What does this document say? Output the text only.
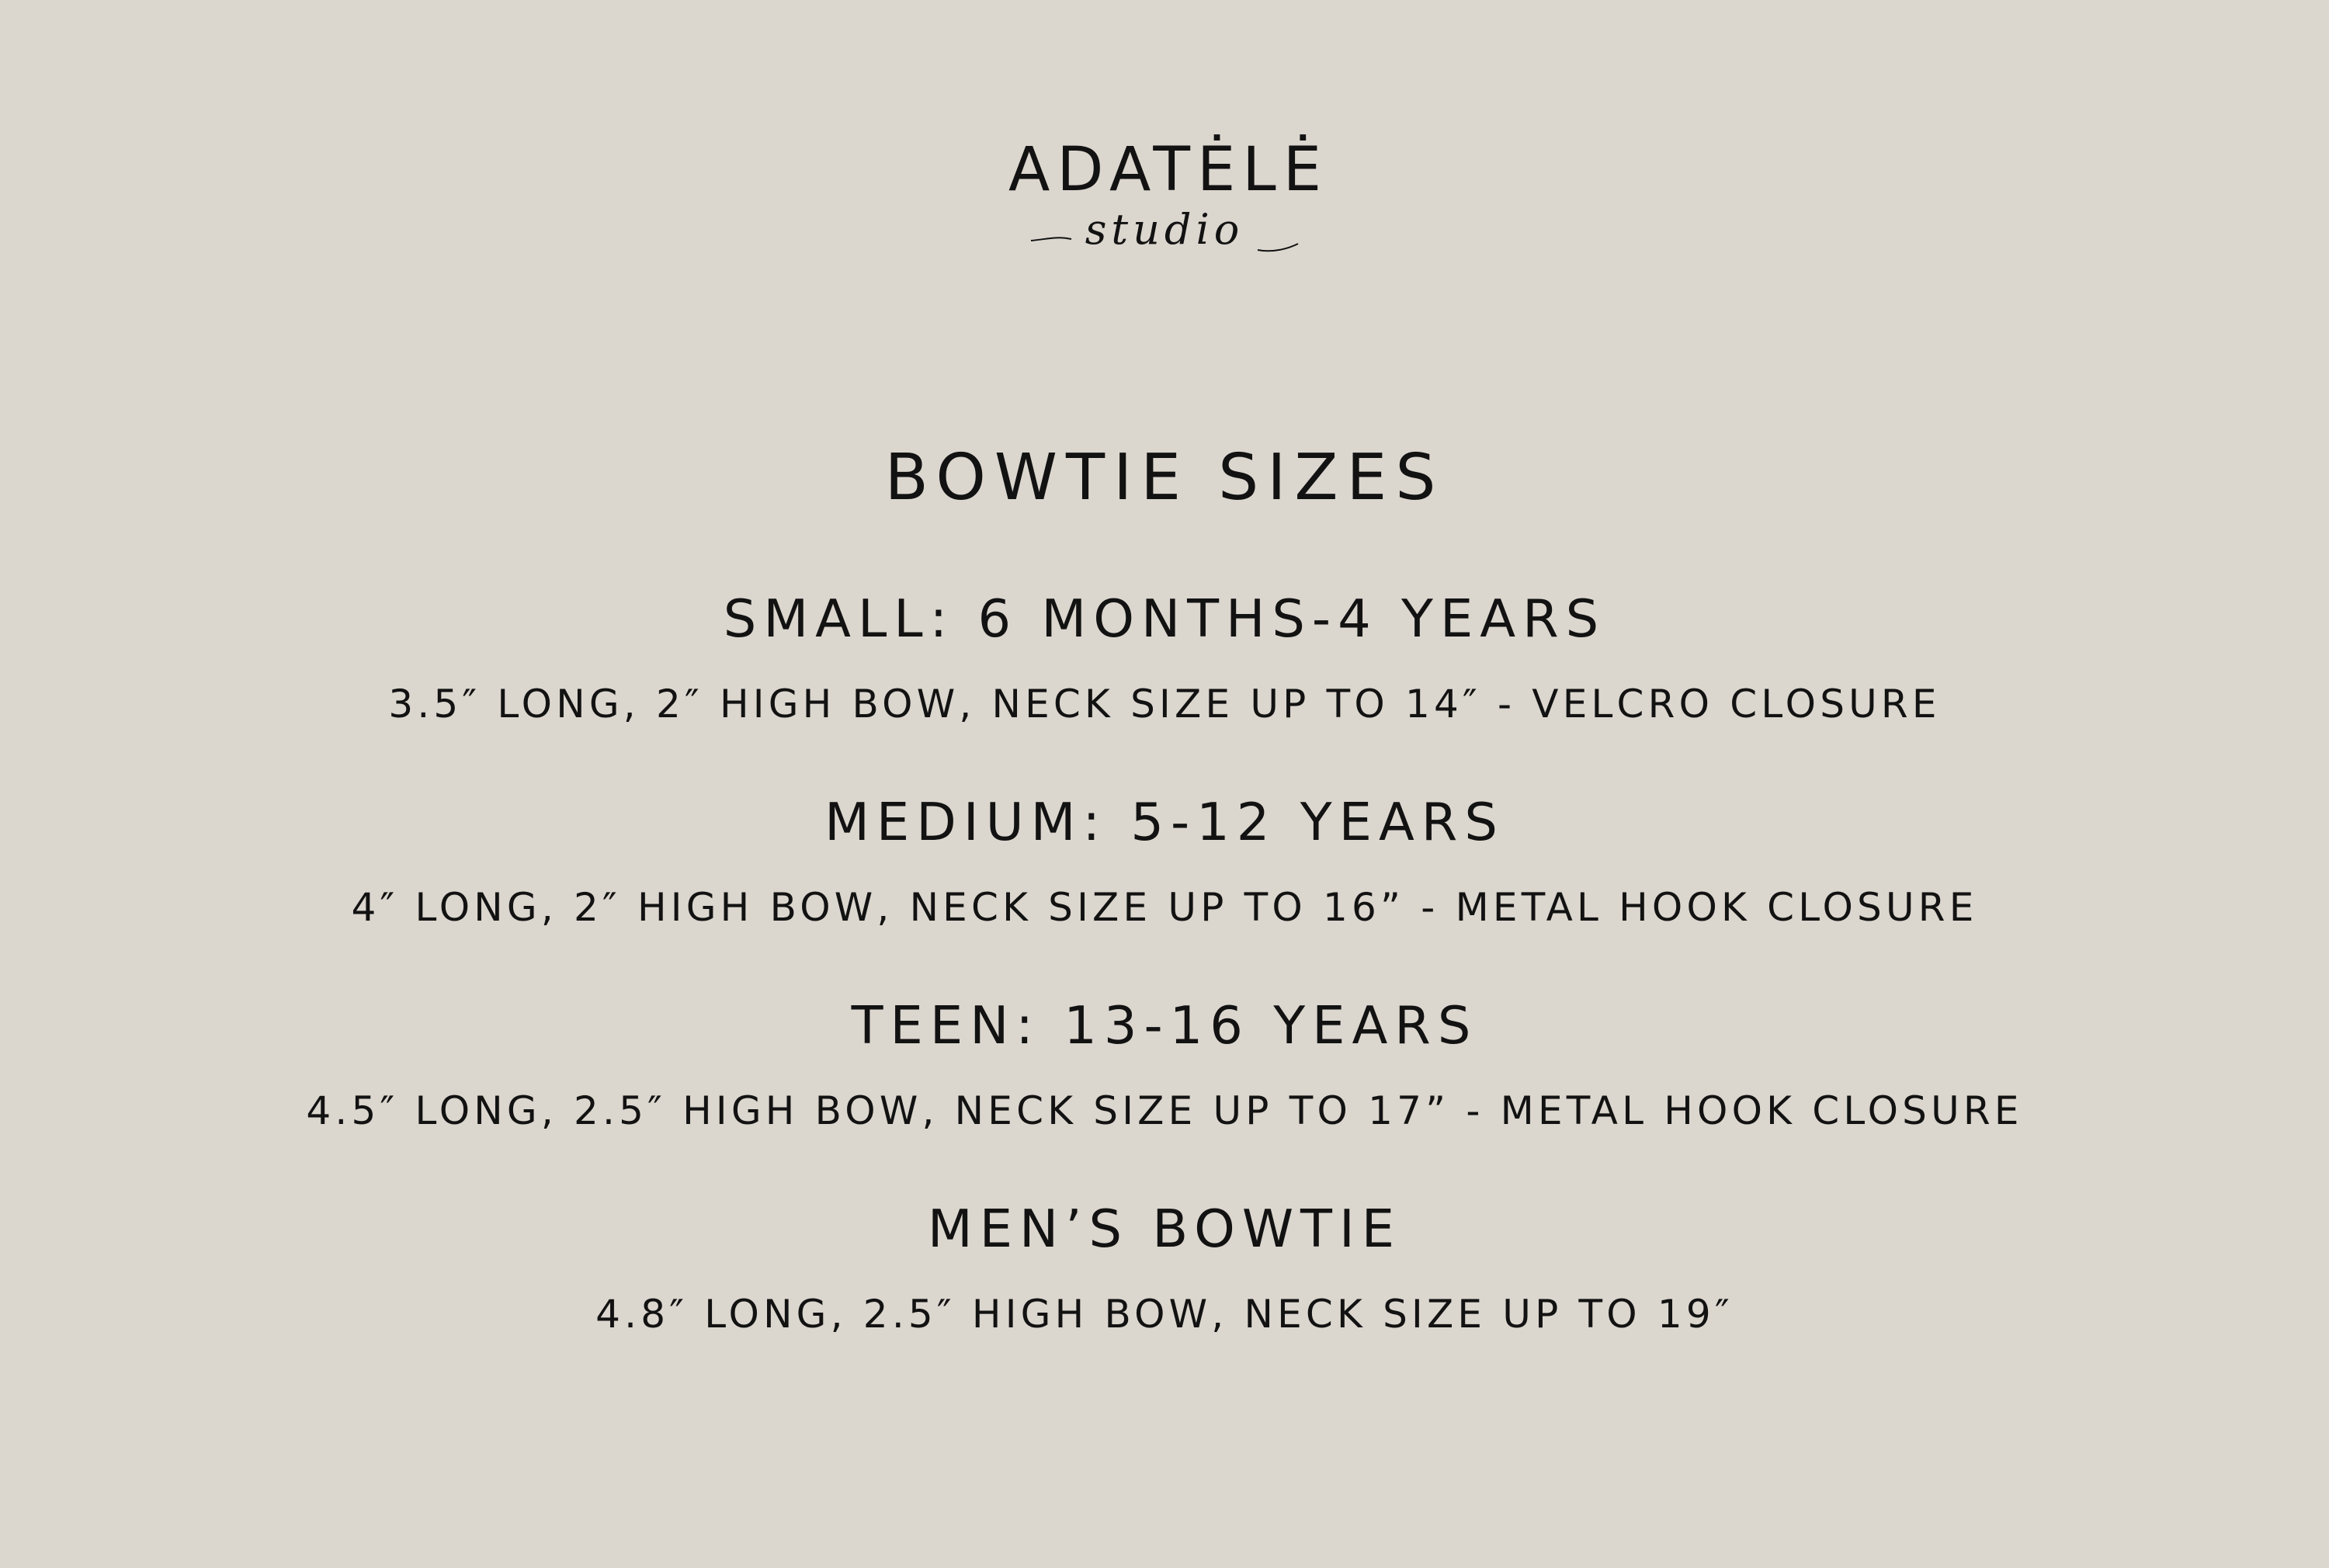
ADATĖLĖ
studio
BOWTIE SIZES
SMALL: 6 MONTHS-4 YEARS
3.5″ LONG, 2″ HIGH BOW, NECK SIZE UP TO 14″ - VELCRO CLOSURE
MEDIUM: 5-12 YEARS
4″ LONG, 2″ HIGH BOW, NECK SIZE UP TO 16” - METAL HOOK CLOSURE
TEEN: 13-16 YEARS
4.5″ LONG, 2.5″ HIGH BOW, NECK SIZE UP TO 17” - METAL HOOK CLOSURE
MEN’S BOWTIE
4.8″ LONG, 2.5″ HIGH BOW, NECK SIZE UP TO 19″
